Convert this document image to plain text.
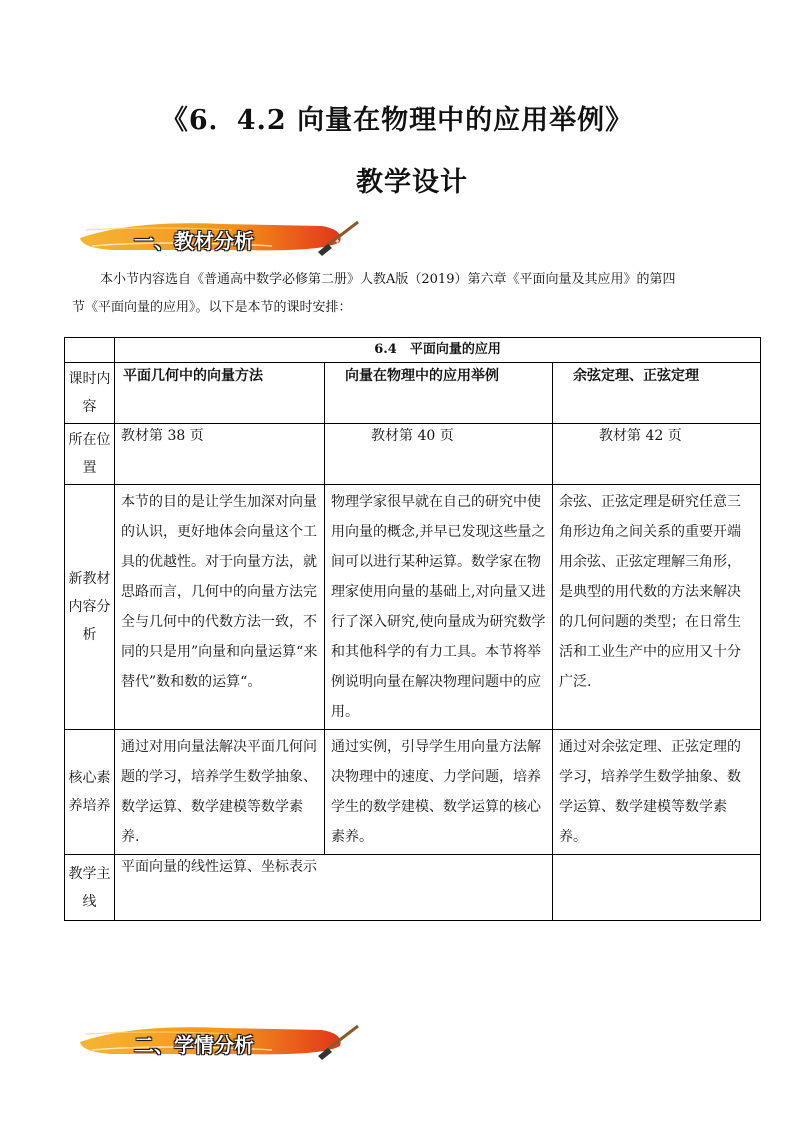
《6．4.2 向量在物理中的应用举例》
教学设计
✦
一、教材分析

本小节内容选自《普通高中数学必修第二册》人教A版（2019）第六章《平面向量及其应用》的第四

节《平面向量的应用》。以下是本节的课时安排：
	6.4　平面向量的应用		
课时内容	平面几何中的向量方法	向量在物理中的应用举例	余弦定理、正弦定理
所在位置	教材第 38 页	教材第 40 页	教材第 42 页
新教材内容分析	本节的目的是让学生加深对向量的认识，更好地体会向量这个工具的优越性。对于向量方法，就思路而言，几何中的向量方法完全与几何中的代数方法一致，不同的只是用”向量和向量运算“来替代”数和数的运算“。	物理学家很早就在自己的研究中使用向量的概念,并早已发现这些量之间可以进行某种运算。数学家在物理家使用向量的基础上,对向量又进行了深入研究,使向量成为研究数学和其他科学的有力工具。本节将举例说明向量在解决物理问题中的应用。	余弦、正弦定理是研究任意三角形边角之间关系的重要开端用余弦、正弦定理解三角形，是典型的用代数的方法来解决的几何问题的类型；在日常生活和工业生产中的应用又十分广泛.
核心素养培养	通过对用向量法解决平面几何问题的学习，培养学生数学抽象、数学运算、数学建模等数学素养.	通过实例，引导学生用向量方法解决物理中的速度、力学问题，培养学生的数学建模、数学运算的核心素养。	通过对余弦定理、正弦定理的学习，培养学生数学抽象、数学运算、数学建模等数学素养。
教学主线	平面向量的线性运算、坐标表示		
二、学情分析
